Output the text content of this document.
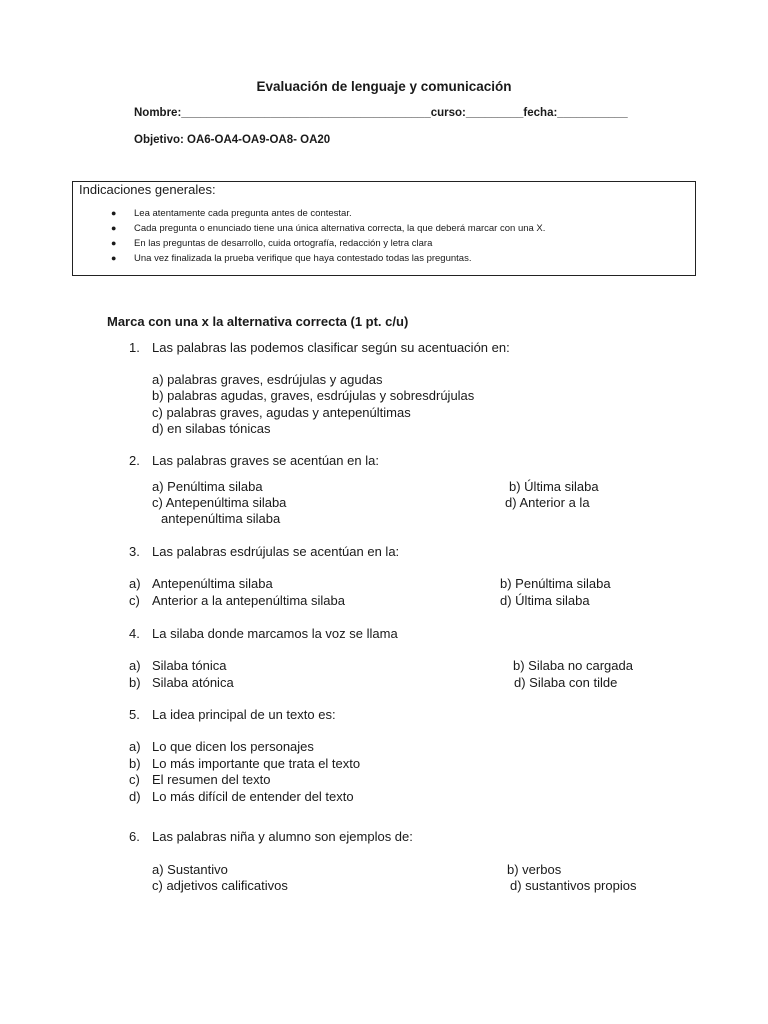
Evaluación de lenguaje y comunicación
Nombre:_______________________________________curso:_________fecha:___________
Objetivo: OA6-OA4-OA9-OA8- OA20
Indicaciones generales:
● Lea atentamente cada pregunta antes de contestar.
● Cada pregunta o enunciado tiene una única alternativa correcta, la que deberá marcar con una X.
● En las preguntas de desarrollo, cuida ortografía, redacción y letra clara
● Una vez finalizada la prueba verifique que haya contestado todas las preguntas.
Marca con una x la alternativa correcta (1 pt. c/u)
1. Las palabras las podemos clasificar según su acentuación en:
a) palabras graves, esdrújulas y agudas
b) palabras agudas, graves, esdrújulas y sobresdrújulas
c) palabras graves, agudas y antepenúltimas
d) en silabas tónicas
2. Las palabras graves se acentúan en la:
a) Penúltima silaba	b) Última silaba
c) Antepenúltima silaba	d) Anterior a la
antepenúltima silaba
3. Las palabras esdrújulas se acentúan en la:
a) Antepenúltima silaba	b) Penúltima silaba
c) Anterior a la antepenúltima silaba	d) Última silaba
4. La silaba donde marcamos la voz se llama
a) Silaba tónica	b) Silaba no cargada
b) Silaba atónica	d) Silaba con tilde
5. La idea principal de un texto es:
a) Lo que dicen los personajes
b) Lo más importante que trata el texto
c) El resumen del texto
d) Lo más difícil de entender del texto
6. Las palabras niña y alumno son ejemplos de:
a) Sustantivo	b) verbos
c) adjetivos calificativos	d) sustantivos propios
